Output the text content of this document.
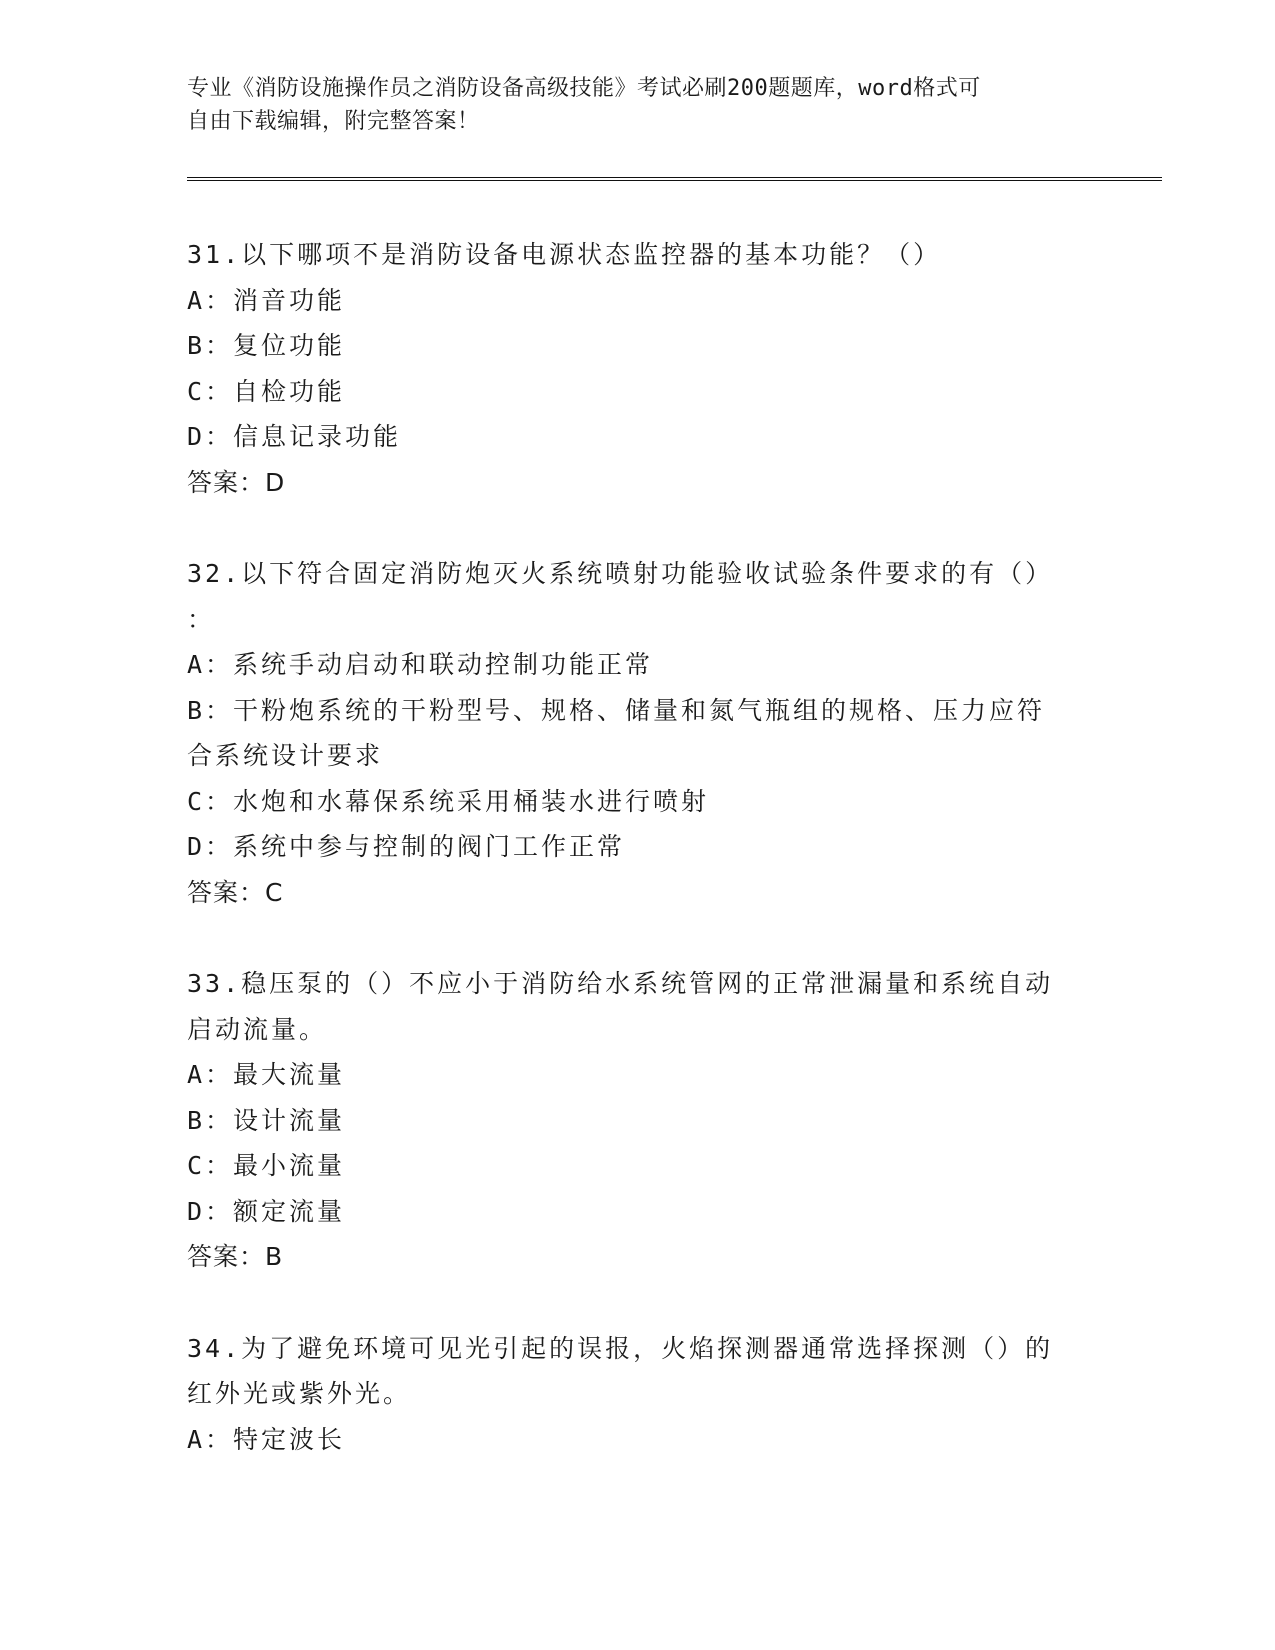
专业《消防设施操作员之消防设备高级技能》考试必刷200题题库，word格式可
自由下载编辑，附完整答案！
31.以下哪项不是消防设备电源状态监控器的基本功能？（）
A：消音功能
B：复位功能
C：自检功能
D：信息记录功能
答案：D
32.以下符合固定消防炮灭火系统喷射功能验收试验条件要求的有（）
：
A：系统手动启动和联动控制功能正常
B：干粉炮系统的干粉型号、规格、储量和氮气瓶组的规格、压力应符
合系统设计要求
C：水炮和水幕保系统采用桶装水进行喷射
D：系统中参与控制的阀门工作正常
答案：C
33.稳压泵的（）不应小于消防给水系统管网的正常泄漏量和系统自动
启动流量。
A：最大流量
B：设计流量
C：最小流量
D：额定流量
答案：B
34.为了避免环境可见光引起的误报，火焰探测器通常选择探测（）的
红外光或紫外光。
A：特定波长
